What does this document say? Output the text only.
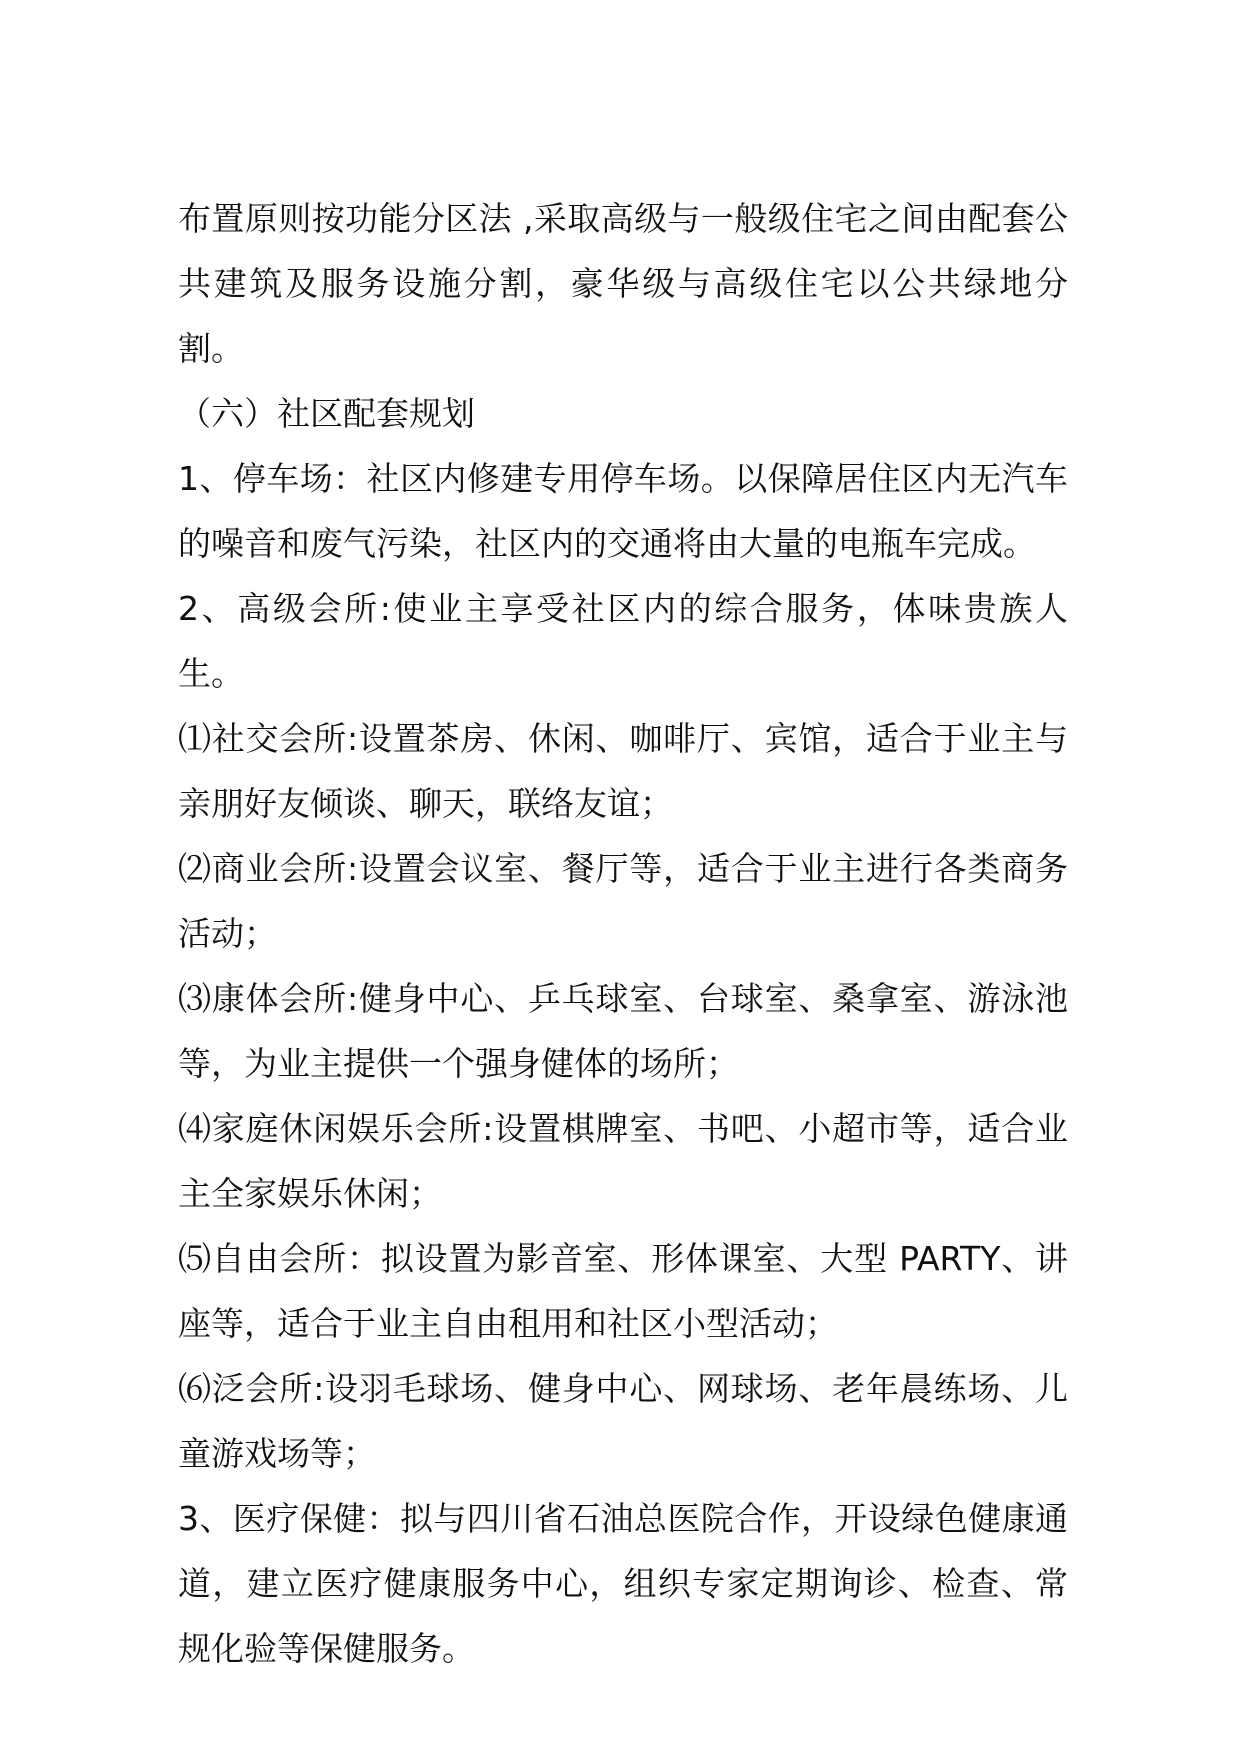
布置原则按功能分区法 ,采取高级与一般级住宅之间由配套公共建筑及服务设施分割，豪华级与高级住宅以公共绿地分割。

（六）社区配套规划

1、停车场：社区内修建专用停车场。以保障居住区内无汽车的噪音和废气污染，社区内的交通将由大量的电瓶车完成。

2、高级会所:使业主享受社区内的综合服务，体味贵族人生。

⑴社交会所:设置茶房、休闲、咖啡厅、宾馆，适合于业主与亲朋好友倾谈、聊天，联络友谊；

⑵商业会所:设置会议室、餐厅等，适合于业主进行各类商务活动；

⑶康体会所:健身中心、乒乓球室、台球室、桑拿室、游泳池等，为业主提供一个强身健体的场所；

⑷家庭休闲娱乐会所:设置棋牌室、书吧、小超市等，适合业主全家娱乐休闲；

⑸自由会所：拟设置为影音室、形体课室、大型 PARTY、讲座等，适合于业主自由租用和社区小型活动；

⑹泛会所:设羽毛球场、健身中心、网球场、老年晨练场、儿童游戏场等；

3、医疗保健：拟与四川省石油总医院合作，开设绿色健康通道，建立医疗健康服务中心，组织专家定期询诊、检查、常规化验等保健服务。
